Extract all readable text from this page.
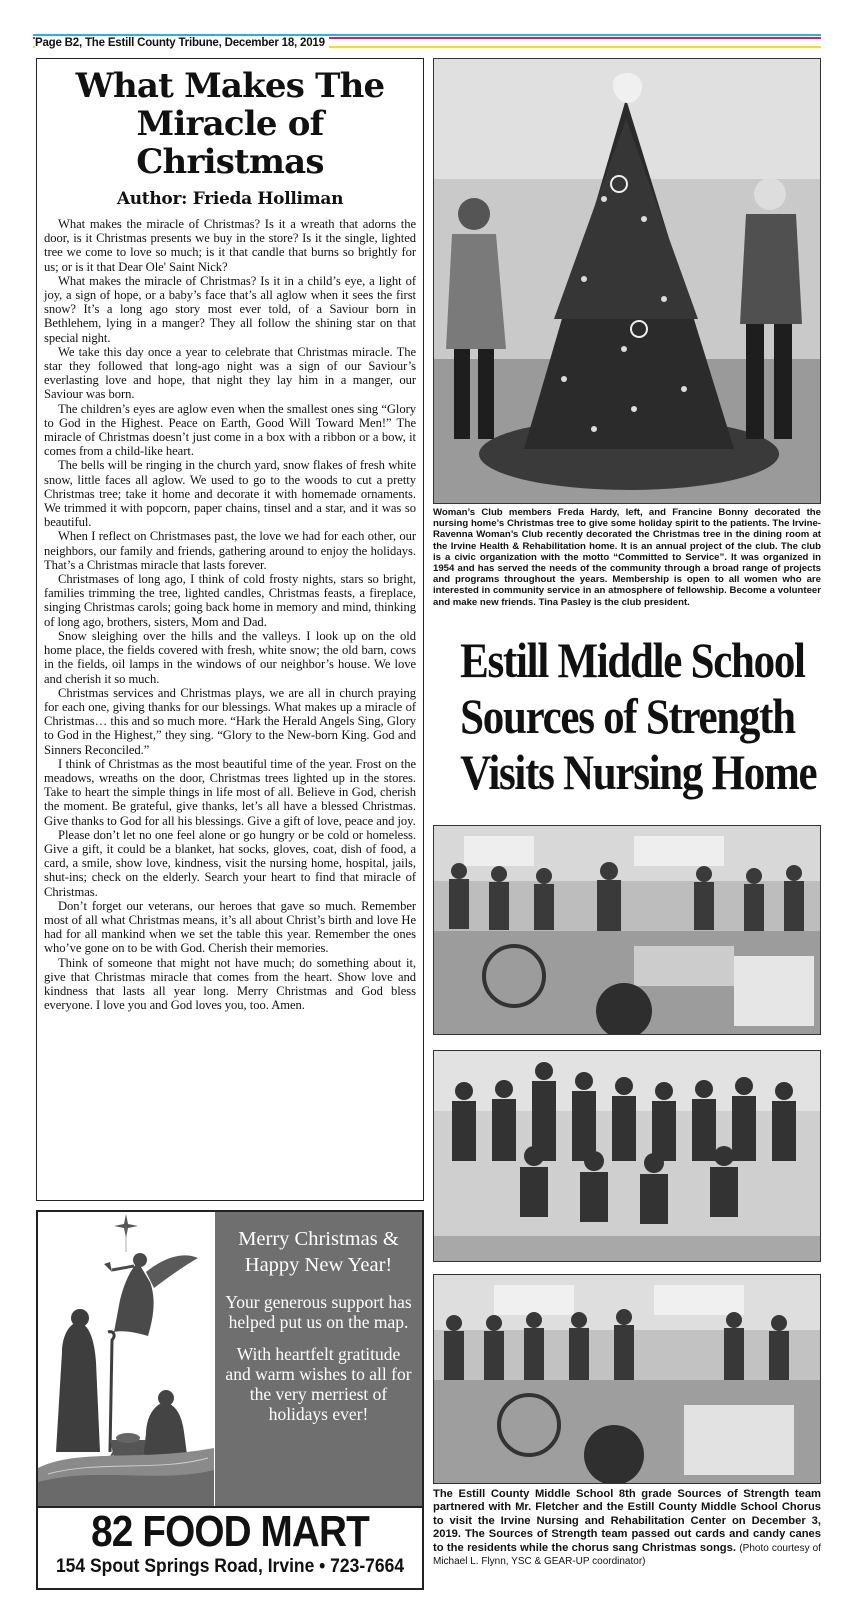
Page B2, The Estill County Tribune, December 18, 2019
What Makes The
Miracle of Christmas
Author: Frieda Holliman

What makes the miracle of Christmas? Is it a wreath that adorns the door, is it Christmas presents we buy in the store? Is it the single, lighted tree we come to love so much; is it that candle that burns so brightly for us; or is it that Dear Ole' Saint Nick?

What makes the miracle of Christmas? Is it in a child’s eye, a light of joy, a sign of hope, or a baby’s face that’s all aglow when it sees the first snow? It’s a long ago story most ever told, of a Saviour born in Bethlehem, lying in a manger? They all follow the shining star on that special night.

We take this day once a year to celebrate that Christmas miracle. The star they followed that long-ago night was a sign of our Saviour’s everlasting love and hope, that night they lay him in a manger, our Saviour was born.

The children’s eyes are aglow even when the smallest ones sing “Glory to God in the Highest. Peace on Earth, Good Will Toward Men!” The miracle of Christmas doesn’t just come in a box with a ribbon or a bow, it comes from a child-like heart.

The bells will be ringing in the church yard, snow flakes of fresh white snow, little faces all aglow. We used to go to the woods to cut a pretty Christmas tree; take it home and decorate it with homemade ornaments. We trimmed it with popcorn, paper chains, tinsel and a star, and it was so beautiful.

When I reflect on Christmases past, the love we had for each other, our neighbors, our family and friends, gathering around to enjoy the holidays. That’s a Christmas miracle that lasts forever.

Christmases of long ago, I think of cold frosty nights, stars so bright, families trimming the tree, lighted candles, Christmas feasts, a fireplace, singing Christmas carols; going back home in memory and mind, thinking of long ago, brothers, sisters, Mom and Dad.

Snow sleighing over the hills and the valleys. I look up on the old home place, the fields covered with fresh, white snow; the old barn, cows in the fields, oil lamps in the windows of our neighbor’s house. We love and cherish it so much.

Christmas services and Christmas plays, we are all in church praying for each one, giving thanks for our blessings. What makes up a miracle of Christmas… this and so much more. “Hark the Herald Angels Sing, Glory to God in the Highest,” they sing. “Glory to the New-born King. God and Sinners Reconciled.”

I think of Christmas as the most beautiful time of the year. Frost on the meadows, wreaths on the door, Christmas trees lighted up in the stores. Take to heart the simple things in life most of all. Believe in God, cherish the moment. Be grateful, give thanks, let’s all have a blessed Christmas. Give thanks to God for all his blessings. Give a gift of love, peace and joy.

Please don’t let no one feel alone or go hungry or be cold or homeless. Give a gift, it could be a blanket, hat socks, gloves, coat, dish of food, a card, a smile, show love, kindness, visit the nursing home, hospital, jails, shut-ins; check on the elderly. Search your heart to find that miracle of Christmas.

Don’t forget our veterans, our heroes that gave so much. Remember most of all what Christmas means, it’s all about Christ’s birth and love He had for all mankind when we set the table this year. Remember the ones who’ve gone on to be with God. Cherish their memories.

Think of someone that might not have much; do something about it, give that Christmas miracle that comes from the heart. Show love and kindness that lasts all year long. Merry Christmas and God bless everyone. I love you and God loves you, too. Amen.

Merry Christmas &
Happy New Year!
Your generous support has helped put us on the map.
With heartfelt gratitude and warm wishes to all for the very merriest of holidays ever!
82 FOOD MART
154 Spout Springs Road, Irvine • 723-7664
Woman’s Club members Freda Hardy, left, and Francine Bonny decorated the nursing home’s Christmas tree to give some holiday spirit to the patients. The Irvine-Ravenna Woman’s Club recently decorated the Christmas tree in the dining room at the Irvine Health & Rehabilitation home. It is an annual project of the club. The club is a civic organization with the motto “Committed to Service”. It was organized in 1954 and has served the needs of the community through a broad range of projects and programs throughout the years. Membership is open to all women who are interested in community service in an atmosphere of fellowship. Become a volunteer and make new friends. Tina Pasley is the club president.
Estill Middle School
Sources of Strength
Visits Nursing Home
The Estill County Middle School 8th grade Sources of Strength team partnered with Mr. Fletcher and the Estill County Middle School Chorus to visit the Irvine Nursing and Rehabilitation Center on December 3, 2019. The Sources of Strength team passed out cards and candy canes to the residents while the chorus sang Christmas songs. (Photo courtesy of Michael L. Flynn, YSC & GEAR-UP coordinator)
